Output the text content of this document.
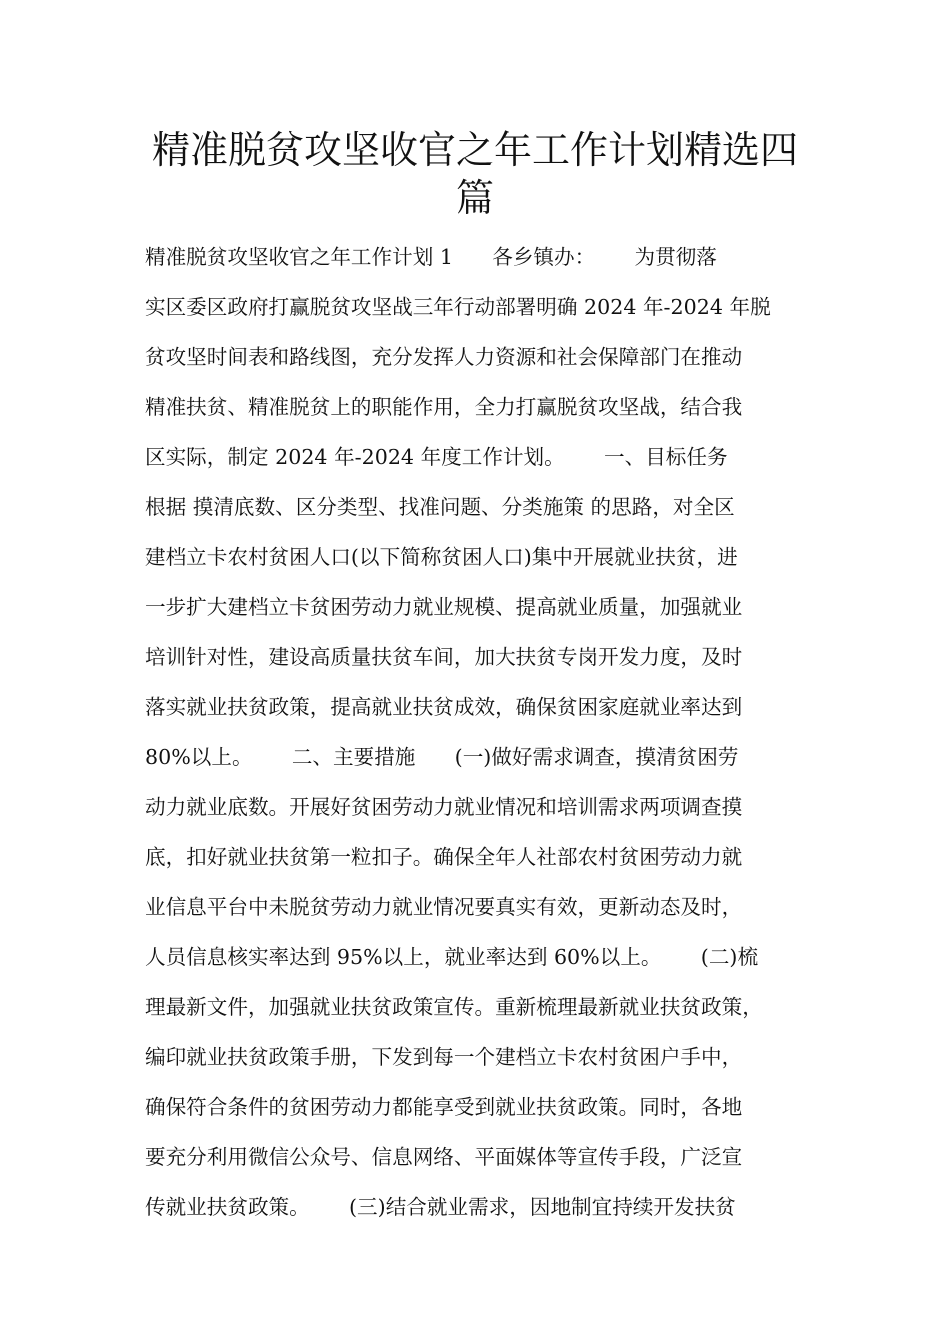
精准脱贫攻坚收官之年工作计划精选四
篇
精准脱贫攻坚收官之年工作计划 1      各乡镇办：      为贯彻落
实区委区政府打赢脱贫攻坚战三年行动部署明确 2024 年-2024 年脱
贫攻坚时间表和路线图，充分发挥人力资源和社会保障部门在推动
精准扶贫、精准脱贫上的职能作用，全力打赢脱贫攻坚战，结合我
区实际，制定 2024 年-2024 年度工作计划。      一、目标任务
根据 摸清底数、区分类型、找准问题、分类施策 的思路，对全区
建档立卡农村贫困人口(以下简称贫困人口)集中开展就业扶贫，进
一步扩大建档立卡贫困劳动力就业规模、提高就业质量，加强就业
培训针对性，建设高质量扶贫车间，加大扶贫专岗开发力度，及时
落实就业扶贫政策，提高就业扶贫成效，确保贫困家庭就业率达到
80%以上。      二、主要措施      (一)做好需求调查，摸清贫困劳
动力就业底数。开展好贫困劳动力就业情况和培训需求两项调查摸
底，扣好就业扶贫第一粒扣子。确保全年人社部农村贫困劳动力就
业信息平台中未脱贫劳动力就业情况要真实有效，更新动态及时，
人员信息核实率达到 95%以上，就业率达到 60%以上。      (二)梳
理最新文件，加强就业扶贫政策宣传。重新梳理最新就业扶贫政策，
编印就业扶贫政策手册，下发到每一个建档立卡农村贫困户手中，
确保符合条件的贫困劳动力都能享受到就业扶贫政策。同时，各地
要充分利用微信公众号、信息网络、平面媒体等宣传手段，广泛宣
传就业扶贫政策。      (三)结合就业需求，因地制宜持续开发扶贫
